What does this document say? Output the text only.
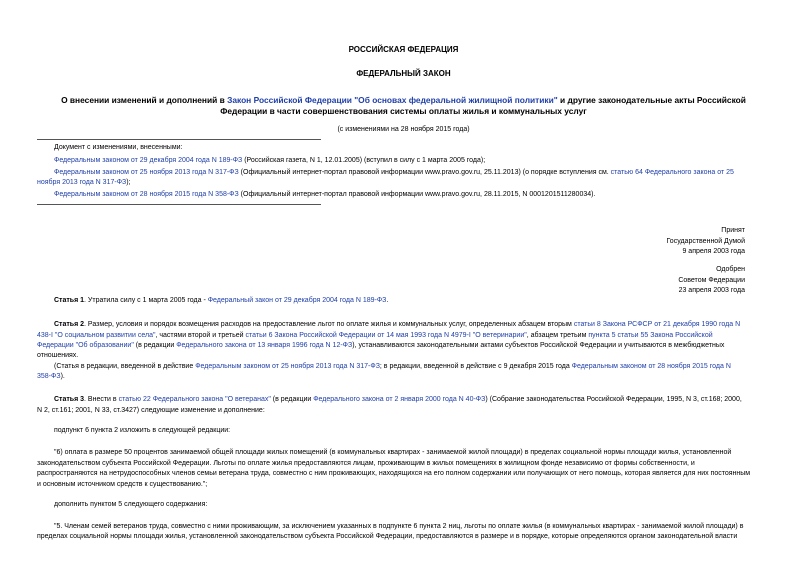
РОССИЙСКАЯ ФЕДЕРАЦИЯ
ФЕДЕРАЛЬНЫЙ ЗАКОН
О внесении изменений и дополнений в Закон Российской Федерации "Об основах федеральной жилищной политики" и другие законодательные акты Российской
Федерации в части совершенствования системы оплаты жилья и коммунальных услуг
(с изменениями на 28 ноября 2015 года)
Документ с изменениями, внесенными:
Федеральным законом от 29 декабря 2004 года N 189-ФЗ (Российская газета, N 1, 12.01.2005) (вступил в силу с 1 марта 2005 года);
Федеральным законом от 25 ноября 2013 года N 317-ФЗ (Официальный интернет-портал правовой информации www.pravo.gov.ru, 25.11.2013) (о порядке вступления см. статью 64 Федерального закона от 25
ноября 2013 года N 317-ФЗ);
Федеральным законом от 28 ноября 2015 года N 358-ФЗ (Официальный интернет-портал правовой информации www.pravo.gov.ru, 28.11.2015, N 0001201511280034).
Принят
Государственной Думой
9 апреля 2003 года
Одобрен
Советом Федерации
23 апреля 2003 года
Статья 1. Утратила силу с 1 марта 2005 года - Федеральный закон от 29 декабря 2004 года N 189-ФЗ.
Статья 2. Размер, условия и порядок возмещения расходов на предоставление льгот по оплате жилья и коммунальных услуг, определенных абзацем вторым статьи 8 Закона РСФСР от 21 декабря 1990 года N
438-I "О социальном развитии села", частями второй и третьей статьи 6 Закона Российской Федерации от 14 мая 1993 года N 4979-I "О ветеринарии", абзацем третьим пункта 5 статьи 55 Закона Российской
Федерации "Об образовании" (в редакции Федерального закона от 13 января 1996 года N 12-ФЗ), устанавливаются законодательными актами субъектов Российской Федерации и учитываются в межбюджетных
отношениях.
(Статья в редакции, введенной в действие Федеральным законом от 25 ноября 2013 года N 317-ФЗ; в редакции, введенной в действие с 9 декабря 2015 года Федеральным законом от 28 ноября 2015 года N
358-ФЗ).
Статья 3. Внести в статью 22 Федерального закона "О ветеранах" (в редакции Федерального закона от 2 января 2000 года N 40-ФЗ) (Собрание законодательства Российской Федерации, 1995, N 3, ст.168; 2000,
N 2, ст.161; 2001, N 33, ст.3427) следующие изменение и дополнение:
подпункт 6 пункта 2 изложить в следующей редакции:
"6) оплата в размере 50 процентов занимаемой общей площади жилых помещений (в коммунальных квартирах - занимаемой жилой площади) в пределах социальной нормы площади жилья, установленной
законодательством субъекта Российской Федерации. Льготы по оплате жилья предоставляются лицам, проживающим в жилых помещениях в жилищном фонде независимо от формы собственности, и
распространяются на нетрудоспособных членов семьи ветерана труда, совместно с ним проживающих, находящихся на его полном содержании или получающих от него помощь, которая является для них постоянным
и основным источником средств к существованию.";
дополнить пунктом 5 следующего содержания:
"5. Членам семей ветеранов труда, совместно с ними проживающим, за исключением указанных в подпункте 6 пункта 2 ниц, льготы по оплате жилья (в коммунальных квартирах - занимаемой жилой площади) в
пределах социальной нормы площади жилья, установленной законодательством субъекта Российской Федерации, предоставляются в размере и в порядке, которые определяются органом законодательной власти
